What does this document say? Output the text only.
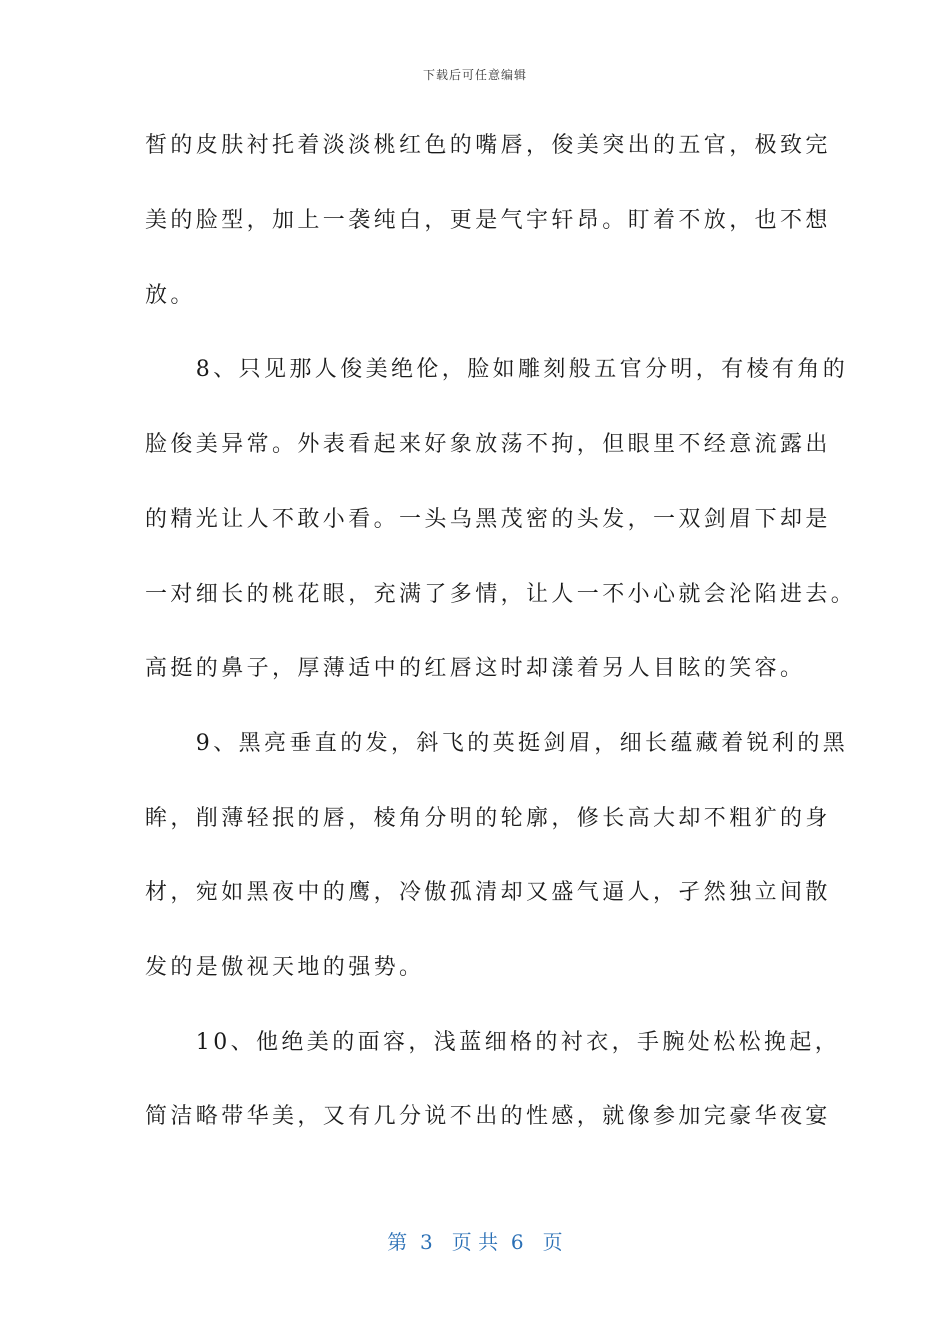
下载后可任意编辑
皙的皮肤衬托着淡淡桃红色的嘴唇，俊美突出的五官，极致完
美的脸型，加上一袭纯白，更是气宇轩昂。盯着不放，也不想
放。
　　8、只见那人俊美绝伦，脸如雕刻般五官分明，有棱有角的
脸俊美异常。外表看起来好象放荡不拘，但眼里不经意流露出
的精光让人不敢小看。一头乌黑茂密的头发，一双剑眉下却是
一对细长的桃花眼，充满了多情，让人一不小心就会沦陷进去。
高挺的鼻子，厚薄适中的红唇这时却漾着另人目眩的笑容。
　　9、黑亮垂直的发，斜飞的英挺剑眉，细长蕴藏着锐利的黑
眸，削薄轻抿的唇，棱角分明的轮廓，修长高大却不粗犷的身
材，宛如黑夜中的鹰，冷傲孤清却又盛气逼人，孑然独立间散
发的是傲视天地的强势。
　　10、他绝美的面容，浅蓝细格的衬衣，手腕处松松挽起，
简洁略带华美，又有几分说不出的性感，就像参加完豪华夜宴
第  3   页 共  6   页
